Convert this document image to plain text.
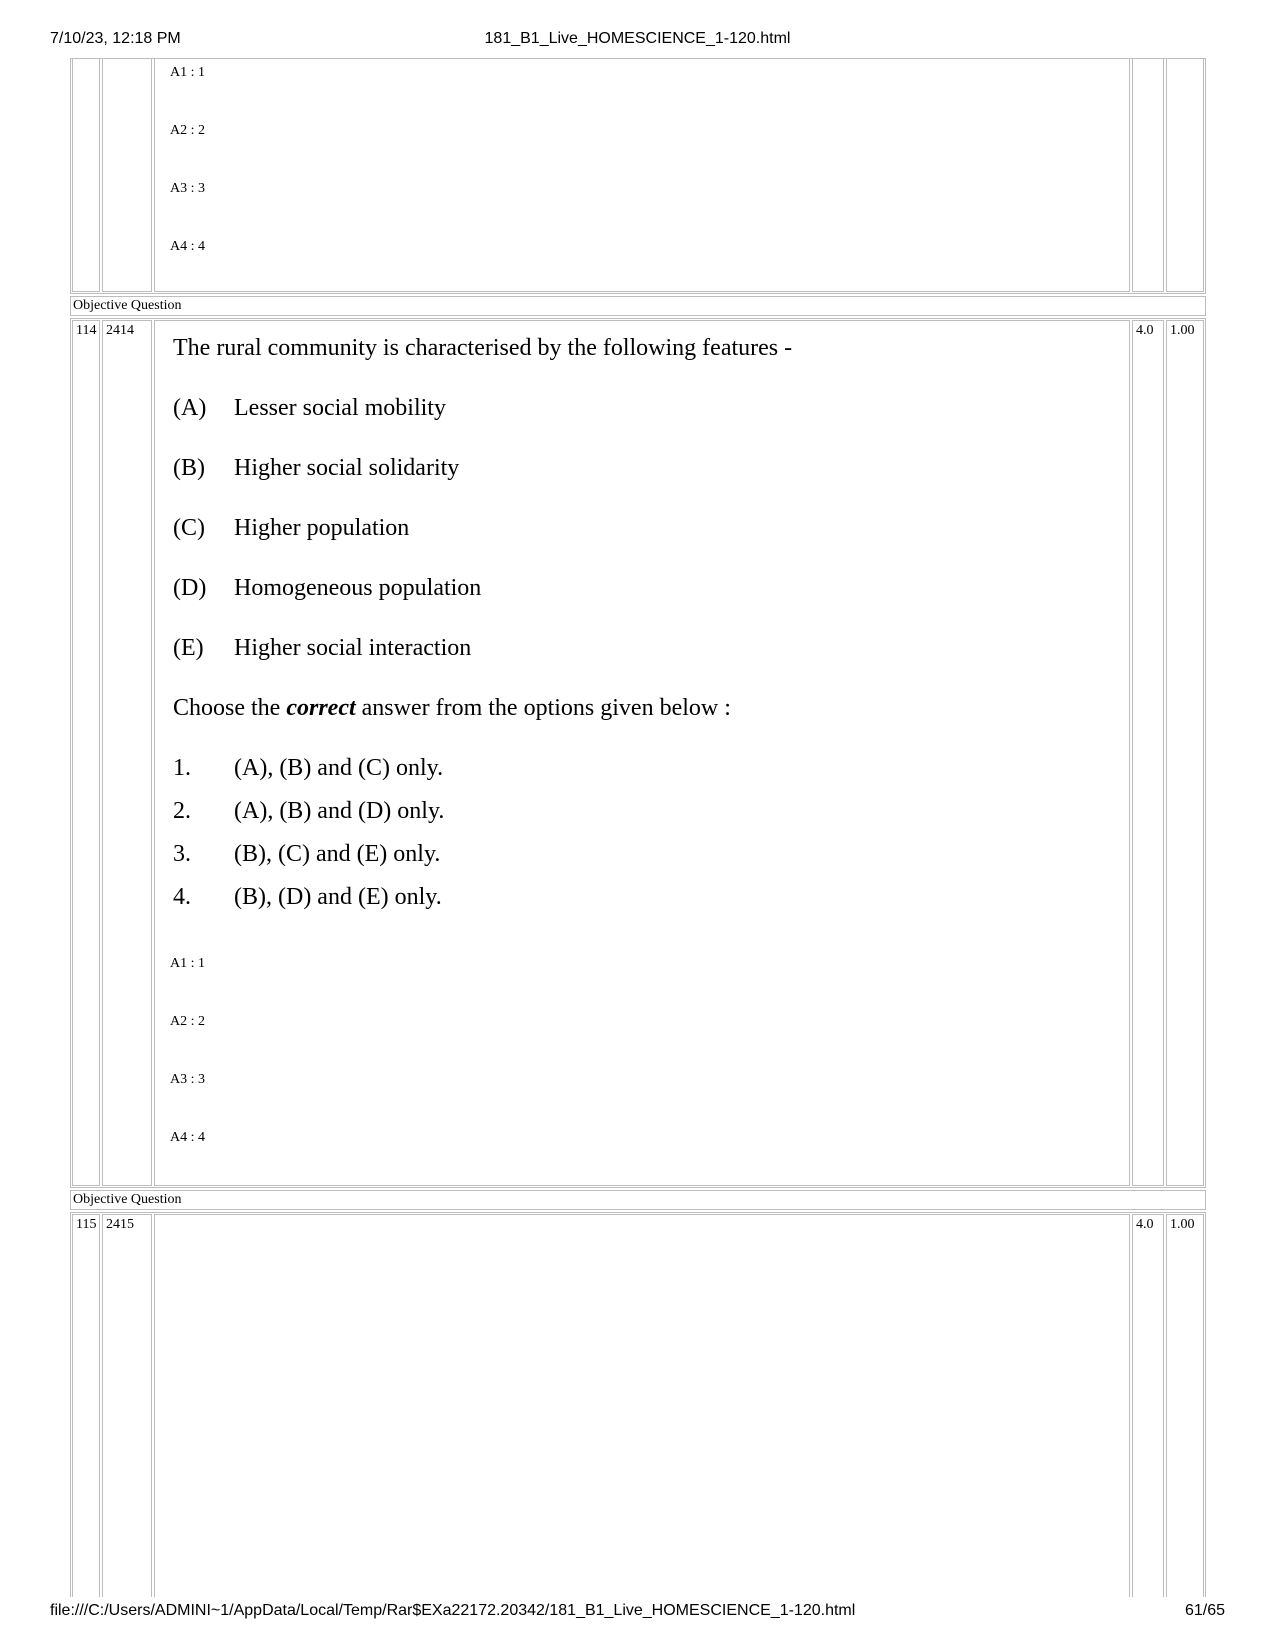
7/10/23, 12:18 PM	181_B1_Live_HOMESCIENCE_1-120.html
A1 : 1
A2 : 2
A3 : 3
A4 : 4
Objective Question
114 2414	4.0	1.00
The rural community is characterised by the following features -
(A) Lesser social mobility
(B) Higher social solidarity
(C) Higher population
(D) Homogeneous population
(E) Higher social interaction
Choose the correct answer from the options given below :
1. (A), (B) and (C) only.
2. (A), (B) and (D) only.
3. (B), (C) and (E) only.
4. (B), (D) and (E) only.
A1 : 1
A2 : 2
A3 : 3
A4 : 4
Objective Question
115 2415	4.0	1.00
file:///C:/Users/ADMINI~1/AppData/Local/Temp/Rar$EXa22172.20342/181_B1_Live_HOMESCIENCE_1-120.html	61/65
